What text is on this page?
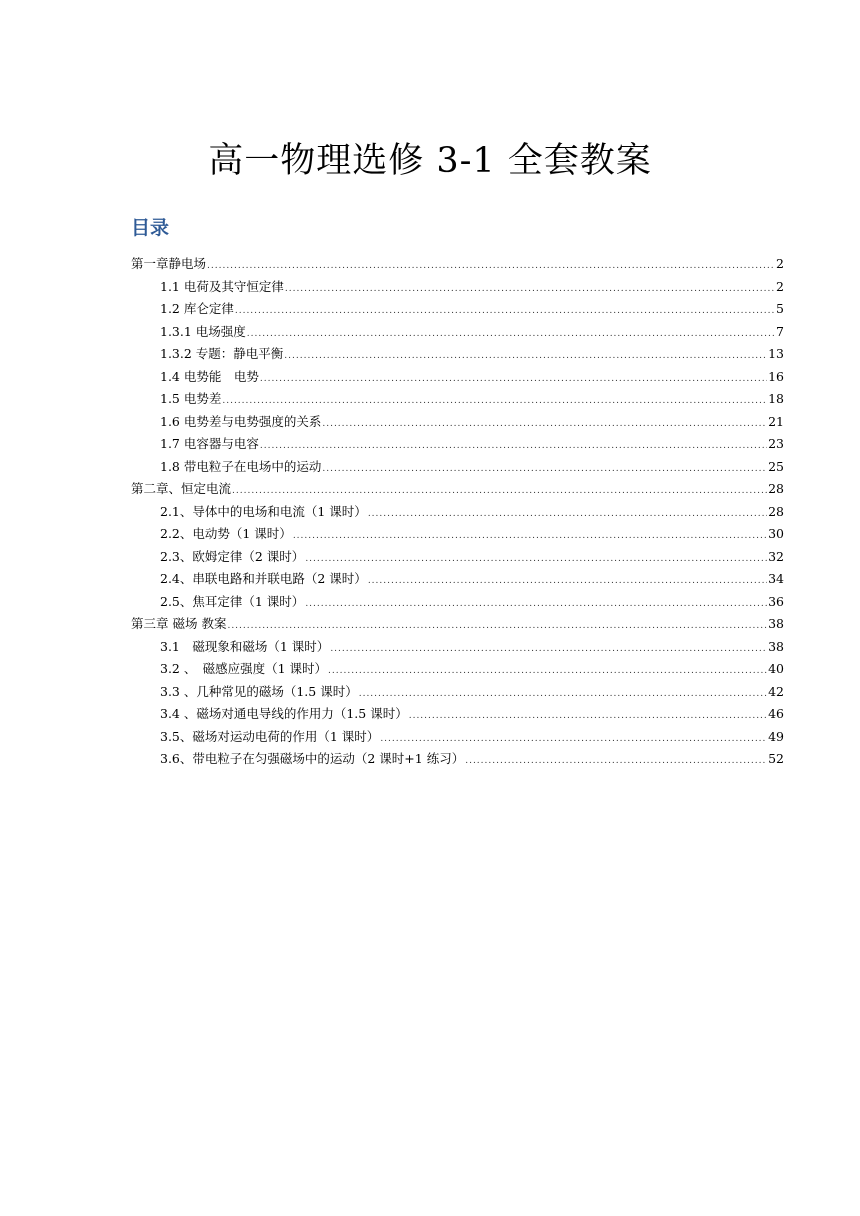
高一物理选修 3-1 全套教案
目录
第一章静电场 .....	2
1.1 电荷及其守恒定律 .....	2
1.2 库仑定律 .....	5
1.3.1 电场强度 .....	7
1.3.2 专题：静电平衡 .....	13
1.4 电势能　电势 .....	16
1.5 电势差 .....	18
1.6 电势差与电势强度的关系 .....	21
1.7 电容器与电容 .....	23
1.8 带电粒子在电场中的运动 .....	25
第二章、恒定电流 .....	28
2.1、导体中的电场和电流（1 课时） .....	28
2.2、电动势（1 课时） .....	30
2.3、欧姆定律（2 课时） .....	32
2.4、串联电路和并联电路（2 课时） .....	34
2.5、焦耳定律（1 课时） .....	36
第三章 磁场 教案 .....	38
3.1　磁现象和磁场（1 课时） .....	38
3.2 、　磁感应强度（1 课时） .....	40
3.3 、几种常见的磁场（1.5 课时） .....	42
3.4 、磁场对通电导线的作用力（1.5 课时） .....	46
3.5、磁场对运动电荷的作用（1 课时） .....	49
3.6、带电粒子在匀强磁场中的运动（2 课时+1 练习） .....	52
